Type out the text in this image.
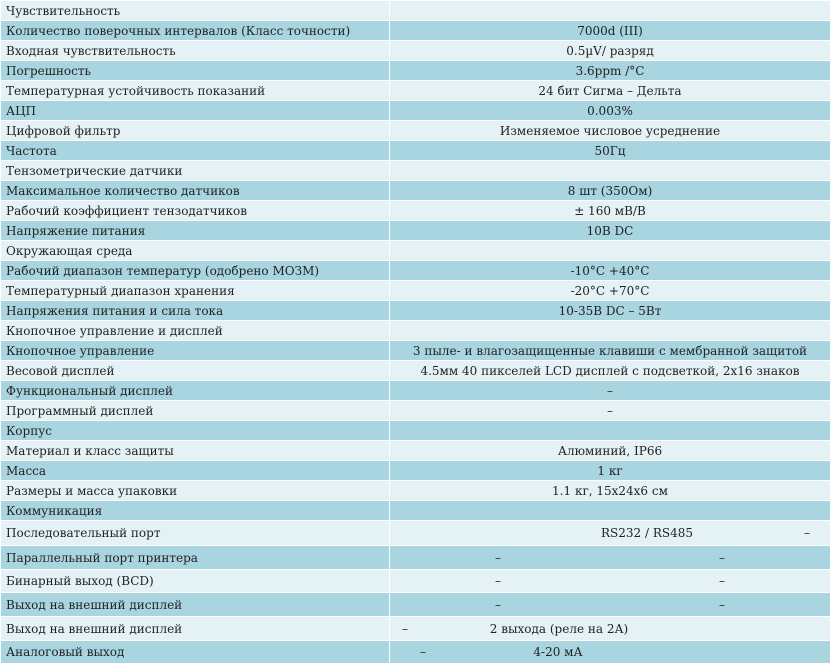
Чувствительность	
Количество поверочных интервалов (Класс точности)	7000d (III)
Входная чувствительность	0.5µV/ разряд
Погрешность	3.6ppm /°C
Температурная устойчивость показаний	24 бит Сигма – Дельта
АЦП	0.003%
Цифровой фильтр	Изменяемое числовое усреднение
Частота	50Гц
Тензометрические датчики	
Максимальное количество датчиков	8 шт (350Ом)
Рабочий коэффициент тензодатчиков	± 160 мВ/В
Напряжение питания	10В DC
Окружающая среда	
Рабочий диапазон температур (одобрено МОЗМ)	-10°C +40°C
Температурный диапазон хранения	-20°C +70°C
Напряжения питания и сила тока	10-35В DC – 5Вт
Кнопочное управление и дисплей	
Кнопочное управление	3 пыле- и влагозащищенные клавиши с мембранной защитой
Весовой дисплей	4.5мм 40 пикселей LCD дисплей с подсветкой, 2x16 знаков
Функциональный дисплей	–
Программный дисплей	–
Корпус	
Материал и класс защиты	Алюминий, IP66
Масса	1 кг
Размеры и масса упаковки	1.1 кг, 15x24x6 см
Коммуникация	
Последовательный порт	RS232 / RS485 –

Параллельный порт принтера	– –

Бинарный выход (BCD)	– –

Выход на внешний дисплей	– –

Выход на внешний дисплей	– 2 выхода (реле на 2А)

Аналоговый выход	– 4-20 мА
